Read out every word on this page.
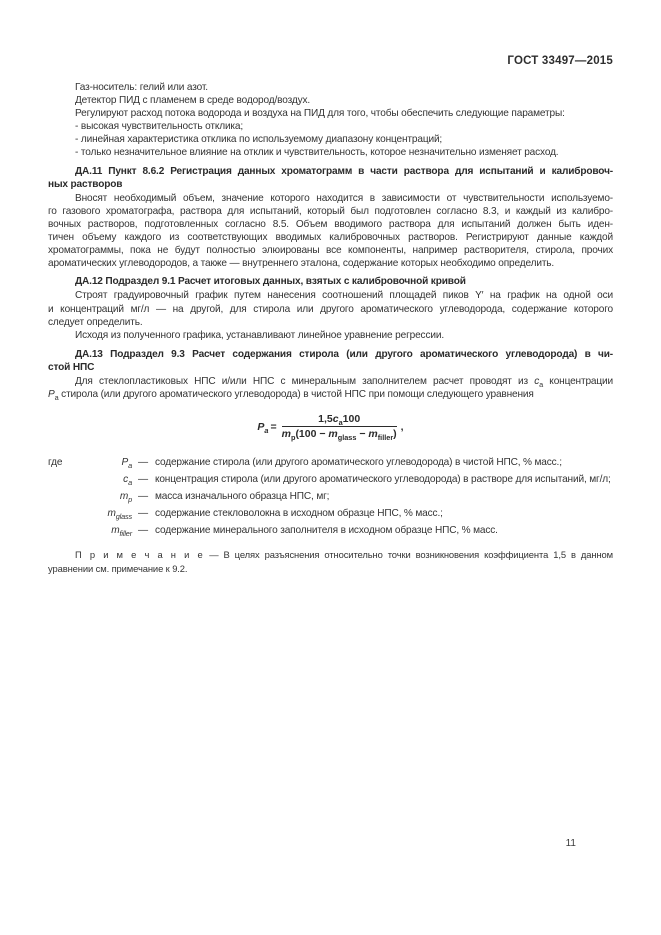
ГОСТ 33497—2015
Газ-носитель: гелий или азот.
Детектор ПИД с пламенем в среде водород/воздух.
Регулируют расход потока водорода и воздуха на ПИД для того, чтобы обеспечить следующие параметры:
- высокая чувствительность отклика;
- линейная характеристика отклика по используемому диапазону концентраций;
- только незначительное влияние на отклик и чувствительность, которое незначительно изменяет расход.
ДА.11 Пункт 8.6.2 Регистрация данных хроматограмм в части раствора для испытаний и калибровоч-
ных растворов
Вносят необходимый объем, значение которого находится в зависимости от чувствительности используемо-
го газового хроматографа, раствора для испытаний, который был подготовлен согласно 8.3, и каждый из калибро-
вочных растворов, подготовленных согласно 8.5. Объем вводимого раствора для испытаний должен быть иден-
тичен объему каждого из соответствующих вводимых калибровочных растворов. Регистрируют данные каждой
хроматограммы, пока не будут полностью элюированы все компоненты, например растворителя, стирола, прочих
ароматических углеводородов, а также — внутреннего эталона, содержание которых необходимо определить.
ДА.12 Подраздел 9.1 Расчет итоговых данных, взятых с калибровочной кривой
Строят градуировочный график путем нанесения соотношений площадей пиков Y′ на график на одной оси
и концентраций мг/л — на другой, для стирола или другого ароматического углеводорода, содержание которого
следует определить.
Исходя из полученного графика, устанавливают линейное уравнение регрессии.
ДА.13 Подраздел 9.3 Расчет содержания стирола (или другого ароматического углеводорода) в чи-
стой НПС
Для стеклопластиковых НПС и/или НПС с минеральным заполнителем расчет проводят из $c_a$ концентрации
$P_a$ стирола (или другого ароматического углеводорода) в чистой НПС при помощи следующего уравнения
$P_a = \frac{1,5c_a100}{m_p(100 - m_{glass} - m_{filler})}$ ,
где	$P_a$ — содержание стирола (или другого ароматического углеводорода) в чистой НПС, % масс.;
$c_a$ — концентрация стирола (или другого ароматического углеводорода) в растворе для испытаний, мг/л;
$m_p$ — масса изначального образца НПС, мг;
$m_{glass}$ — содержание стекловолокна в исходном образце НПС, % масс.;
$m_{filler}$ — содержание минерального заполнителя в исходном образце НПС, % масс.
П р и м е ч а н и е — В целях разъяснения относительно точки возникновения коэффициента 1,5 в данном
уравнении см. примечание к 9.2.
11
